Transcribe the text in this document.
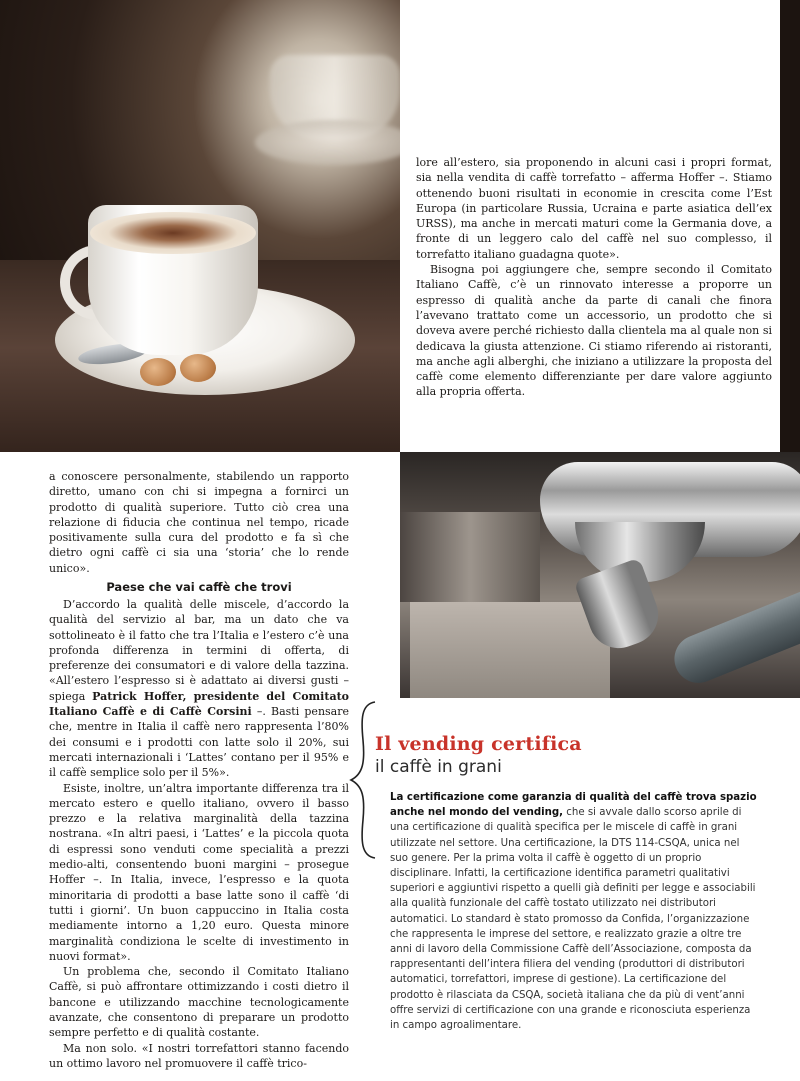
lore all’estero, sia proponendo in alcuni casi i propri format, sia nella vendita di caffè torrefatto – afferma Hoffer –. Stiamo ottenendo buoni risultati in economie in crescita come l’Est Europa (in particolare Russia, Ucraina e parte asiatica dell’ex URSS), ma anche in mercati maturi come la Germania dove, a fronte di un leggero calo del caffè nel suo complesso, il torrefatto italiano guadagna quote».

Bisogna poi aggiungere che, sempre secondo il Comitato Italiano Caffè, c’è un rinnovato interesse a proporre un espresso di qualità anche da parte di canali che finora l’avevano trattato come un accessorio, un prodotto che si doveva avere perché richiesto dalla clientela ma al quale non si dedicava la giusta attenzione. Ci stiamo riferendo ai ristoranti, ma anche agli alberghi, che iniziano a utilizzare la proposta del caffè come elemento differenziante per dare valore aggiunto alla propria offerta.

a conoscere personalmente, stabilendo un rapporto diretto, umano con chi si impegna a fornirci un prodotto di qualità superiore. Tutto ciò crea una relazione di fiducia che continua nel tempo, ricade positivamente sulla cura del prodotto e fa sì che dietro ogni caffè ci sia una ‘storia’ che lo rende unico».

Paese che vai caffè che trovi

D’accordo la qualità delle miscele, d’accordo la qualità del servizio al bar, ma un dato che va sottolineato è il fatto che tra l’Italia e l’estero c’è una profonda differenza in termini di offerta, di preferenze dei consumatori e di valore della tazzina. «All’estero l’espresso si è adattato ai diversi gusti – spiega Patrick Hoffer, presidente del Comitato Italiano Caffè e di Caffè Corsini –. Basti pensare che, mentre in Italia il caffè nero rappresenta l’80% dei consumi e i prodotti con latte solo il 20%, sui mercati internazionali i ‘Lattes’ contano per il 95% e il caffè semplice solo per il 5%».

Esiste, inoltre, un’altra importante differenza tra il mercato estero e quello italiano, ovvero il basso prezzo e la relativa marginalità della tazzina nostrana. «In altri paesi, i ‘Lattes’ e la piccola quota di espressi sono venduti come specialità a prezzi medio-alti, consentendo buoni margini – prosegue Hoffer –. In Italia, invece, l’espresso e la quota minoritaria di prodotti a base latte sono il caffè ‘di tutti i giorni’. Un buon cappuccino in Italia costa mediamente intorno a 1,20 euro. Questa minore marginalità condiziona le scelte di investimento in nuovi format».

Un problema che, secondo il Comitato Italiano Caffè, si può affrontare ottimizzando i costi dietro il bancone e utilizzando macchine tecnologicamente avanzate, che consentono di preparare un prodotto sempre perfetto e di qualità costante.

Ma non solo. «I nostri torrefattori stanno facendo un ottimo lavoro nel promuovere il caffè trico-

Il vending certifica
il caffè in grani
La certificazione come garanzia di qualità del caffè trova spazio anche nel mondo del vending, che si avvale dallo scorso aprile di una certificazione di qualità specifica per le miscele di caffè in grani utilizzate nel settore. Una certificazione, la DTS 114-CSQA, unica nel suo genere. Per la prima volta il caffè è oggetto di un proprio disciplinare. Infatti, la certificazione identifica parametri qualitativi superiori e aggiuntivi rispetto a quelli già definiti per legge e associabili alla qualità funzionale del caffè tostato utilizzato nei distributori automatici. Lo standard è stato promosso da Confida, l’organizzazione che rappresenta le imprese del settore, e realizzato grazie a oltre tre anni di lavoro della Commissione Caffè dell’Associazione, composta da rappresentanti dell’intera filiera del vending (produttori di distributori automatici, torrefattori, imprese di gestione). La certificazione del prodotto è rilasciata da CSQA, società italiana che da più di vent’anni offre servizi di certificazione con una grande e riconosciuta esperienza in campo agroalimentare.
